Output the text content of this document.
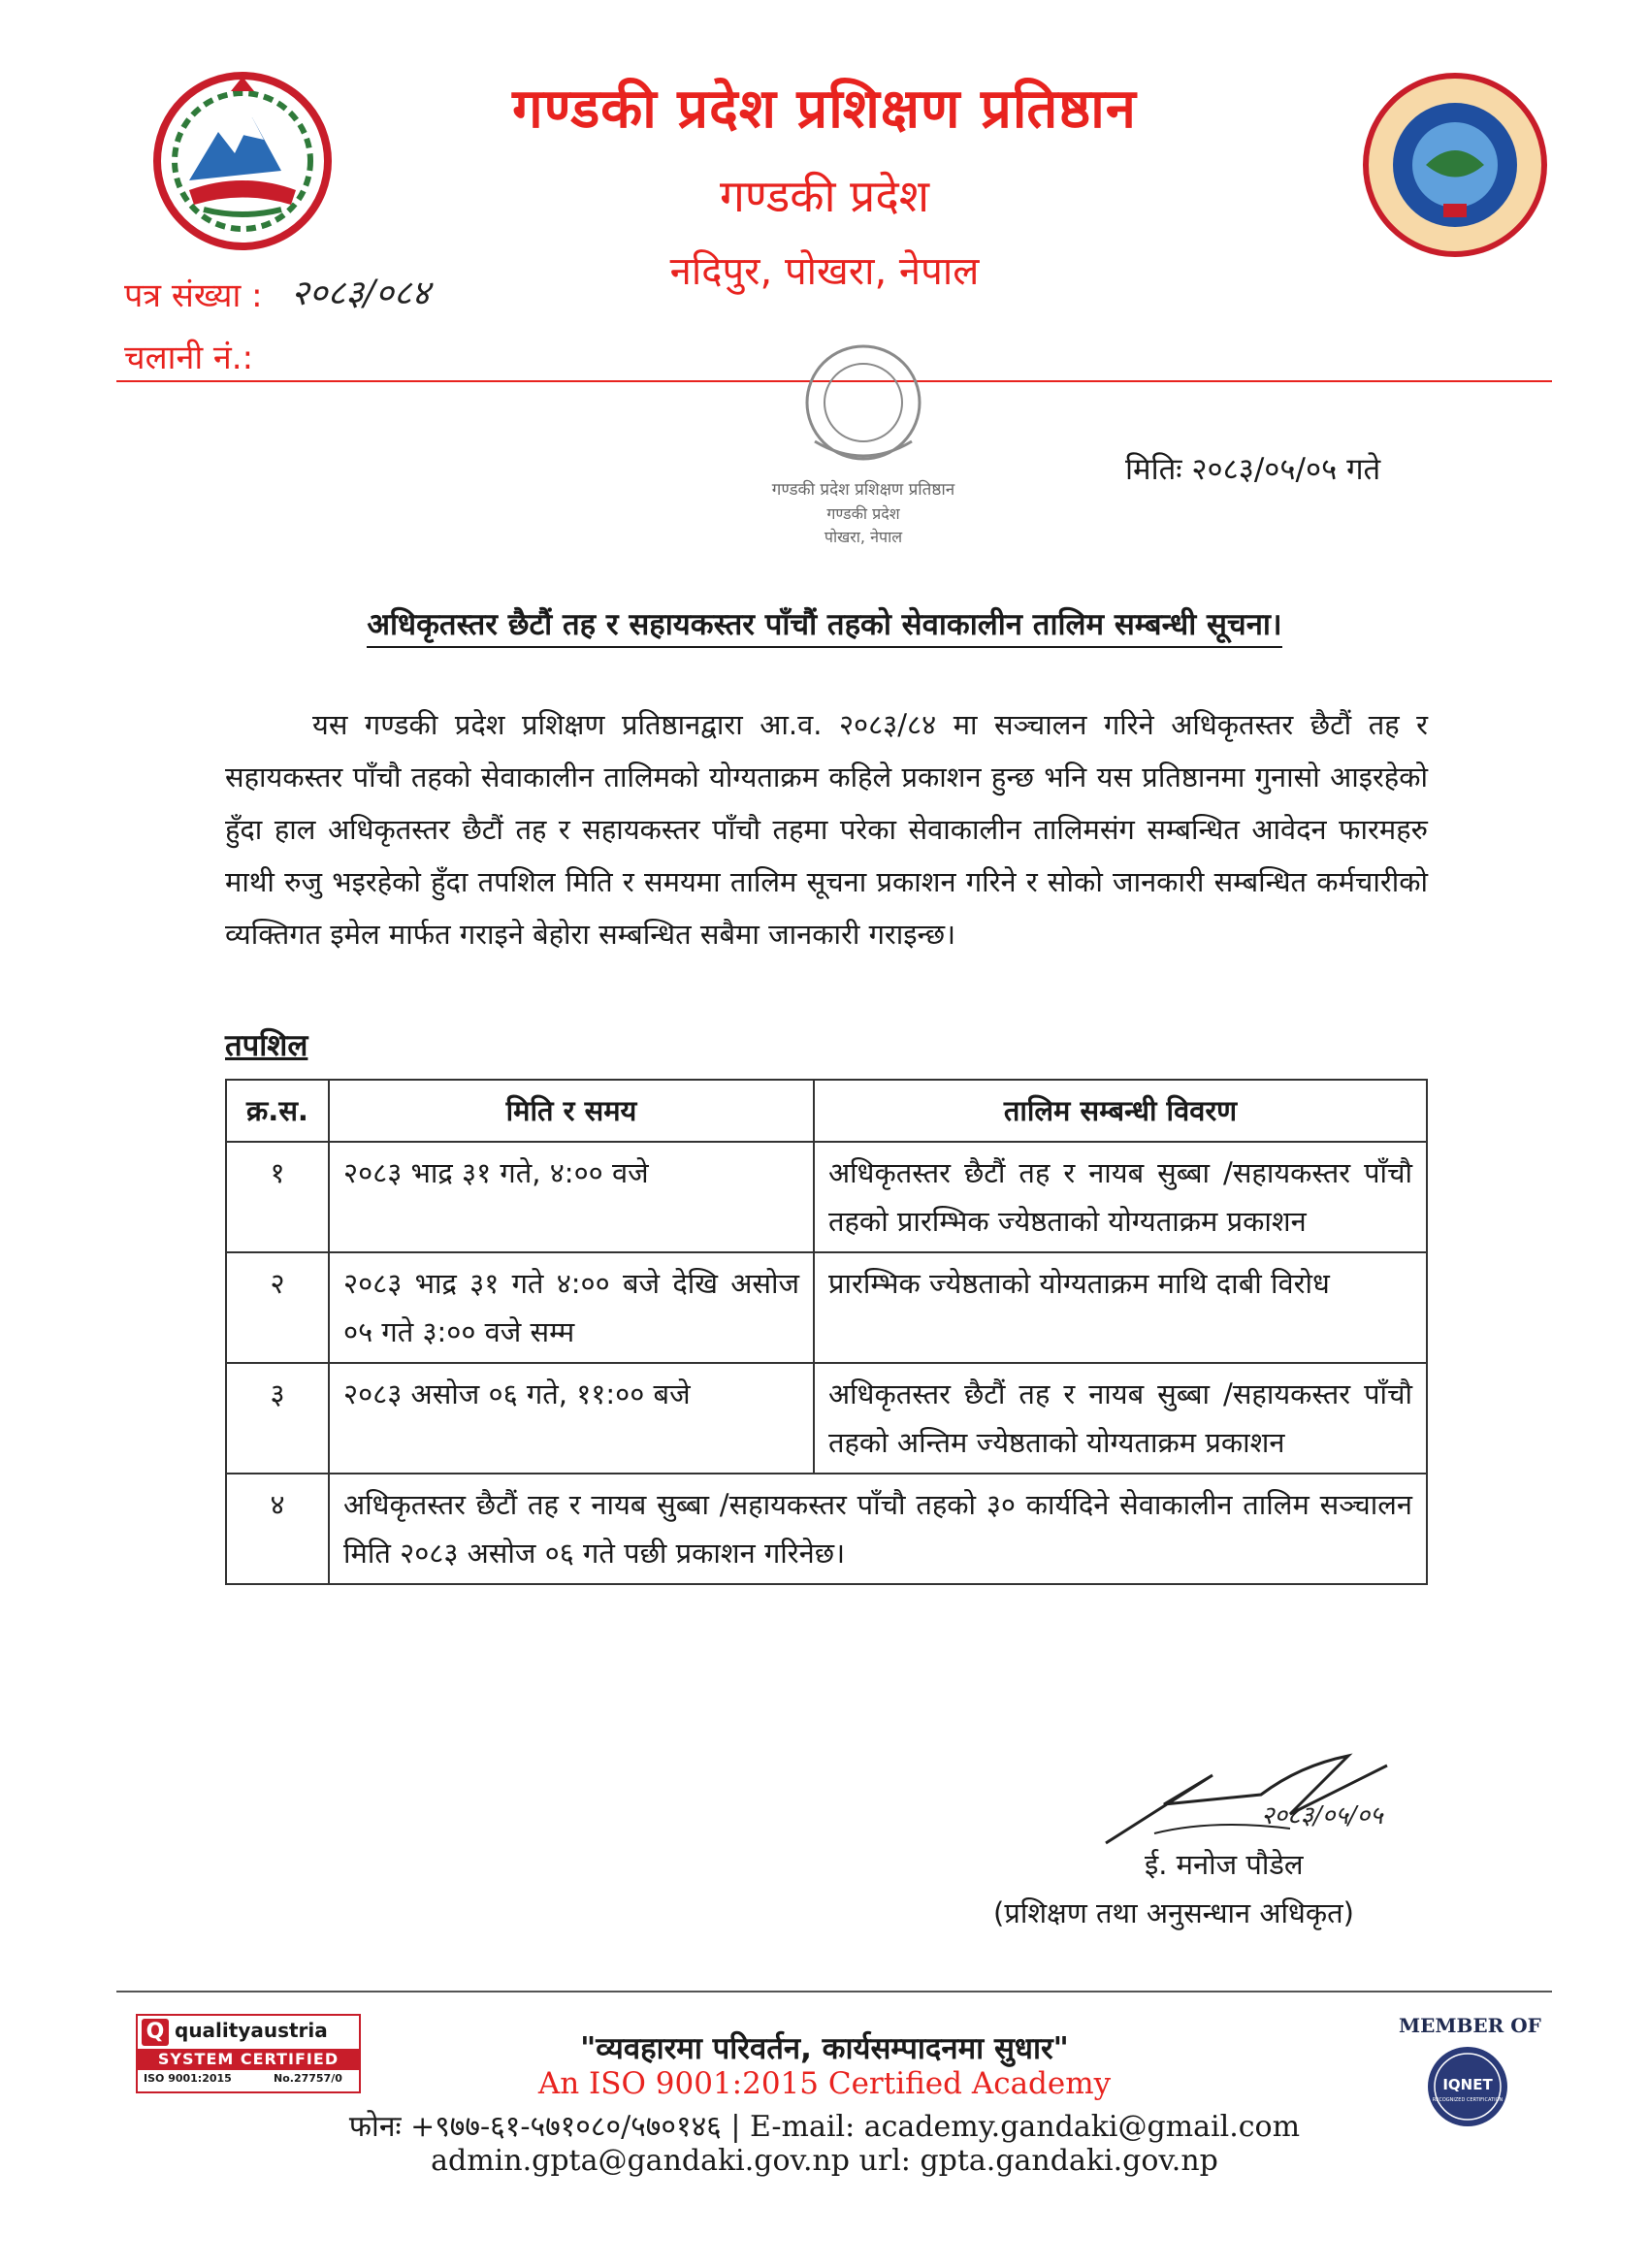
गण्डकी प्रदेश प्रशिक्षण प्रतिष्ठान
गण्डकी प्रदेश
नदिपुर, पोखरा, नेपाल
पत्र संख्या : २०८३/०८४
चलानी नं.:
गण्डकी प्रदेश प्रशिक्षण प्रतिष्ठान
गण्डकी प्रदेश
पोखरा, नेपाल
मितिः २०८३/०५/०५ गते
अधिकृतस्तर छैटौं तह र सहायकस्तर पाँचौं तहको सेवाकालीन तालिम सम्बन्धी सूचना।
यस गण्डकी प्रदेश प्रशिक्षण प्रतिष्ठानद्वारा आ.व. २०८३/८४ मा सञ्चालन गरिने अधिकृतस्तर छैटौं तह र सहायकस्तर पाँचौ तहको सेवाकालीन तालिमको योग्यताक्रम कहिले प्रकाशन हुन्छ भनि यस प्रतिष्ठानमा गुनासो आइरहेको हुँदा हाल अधिकृतस्तर छैटौं तह र सहायकस्तर पाँचौ तहमा परेका सेवाकालीन तालिमसंग सम्बन्धित आवेदन फारमहरु माथी रुजु भइरहेको हुँदा तपशिल मिति र समयमा तालिम सूचना प्रकाशन गरिने र सोको जानकारी सम्बन्धित कर्मचारीको व्यक्तिगत इमेल मार्फत गराइने बेहोरा सम्बन्धित सबैमा जानकारी गराइन्छ।
तपशिल
क्र.स.	मिति र समय	तालिम सम्बन्धी विवरण
१	२०८३ भाद्र ३१ गते, ४:०० वजे	अधिकृतस्तर छैटौं तह र नायब सुब्बा /सहायकस्तर पाँचौ तहको प्रारम्भिक ज्येष्ठताको योग्यताक्रम प्रकाशन
२	२०८३ भाद्र ३१ गते ४:०० बजे देखि असोज ०५ गते ३:०० वजे सम्म	प्रारम्भिक ज्येष्ठताको योग्यताक्रम माथि दाबी विरोध
३	२०८३ असोज ०६ गते, ११:०० बजे	अधिकृतस्तर छैटौं तह र नायब सुब्बा /सहायकस्तर पाँचौ तहको अन्तिम ज्येष्ठताको योग्यताक्रम प्रकाशन
४	अधिकृतस्तर छैटौं तह र नायब सुब्बा /सहायकस्तर पाँचौ तहको ३० कार्यदिने सेवाकालीन तालिम सञ्चालन मिति २०८३ असोज ०६ गते पछी प्रकाशन गरिनेछ।	
२०८३/०५/०५
ई. मनोज पौडेल
(प्रशिक्षण तथा अनुसन्धान अधिकृत)
Q qualityaustria
SYSTEM CERTIFIED
ISO 9001:2015	No.27757/0
"व्यवहारमा परिवर्तन, कार्यसम्पादनमा सुधार"
An ISO 9001:2015 Certified Academy
फोनः +९७७-६१-५७१०८०/५७०१४६ | E-mail: academy.gandaki@gmail.com
admin.gpta@gandaki.gov.np url: gpta.gandaki.gov.np
MEMBER OF
IQNET
RECOGNIZED CERTIFICATION
